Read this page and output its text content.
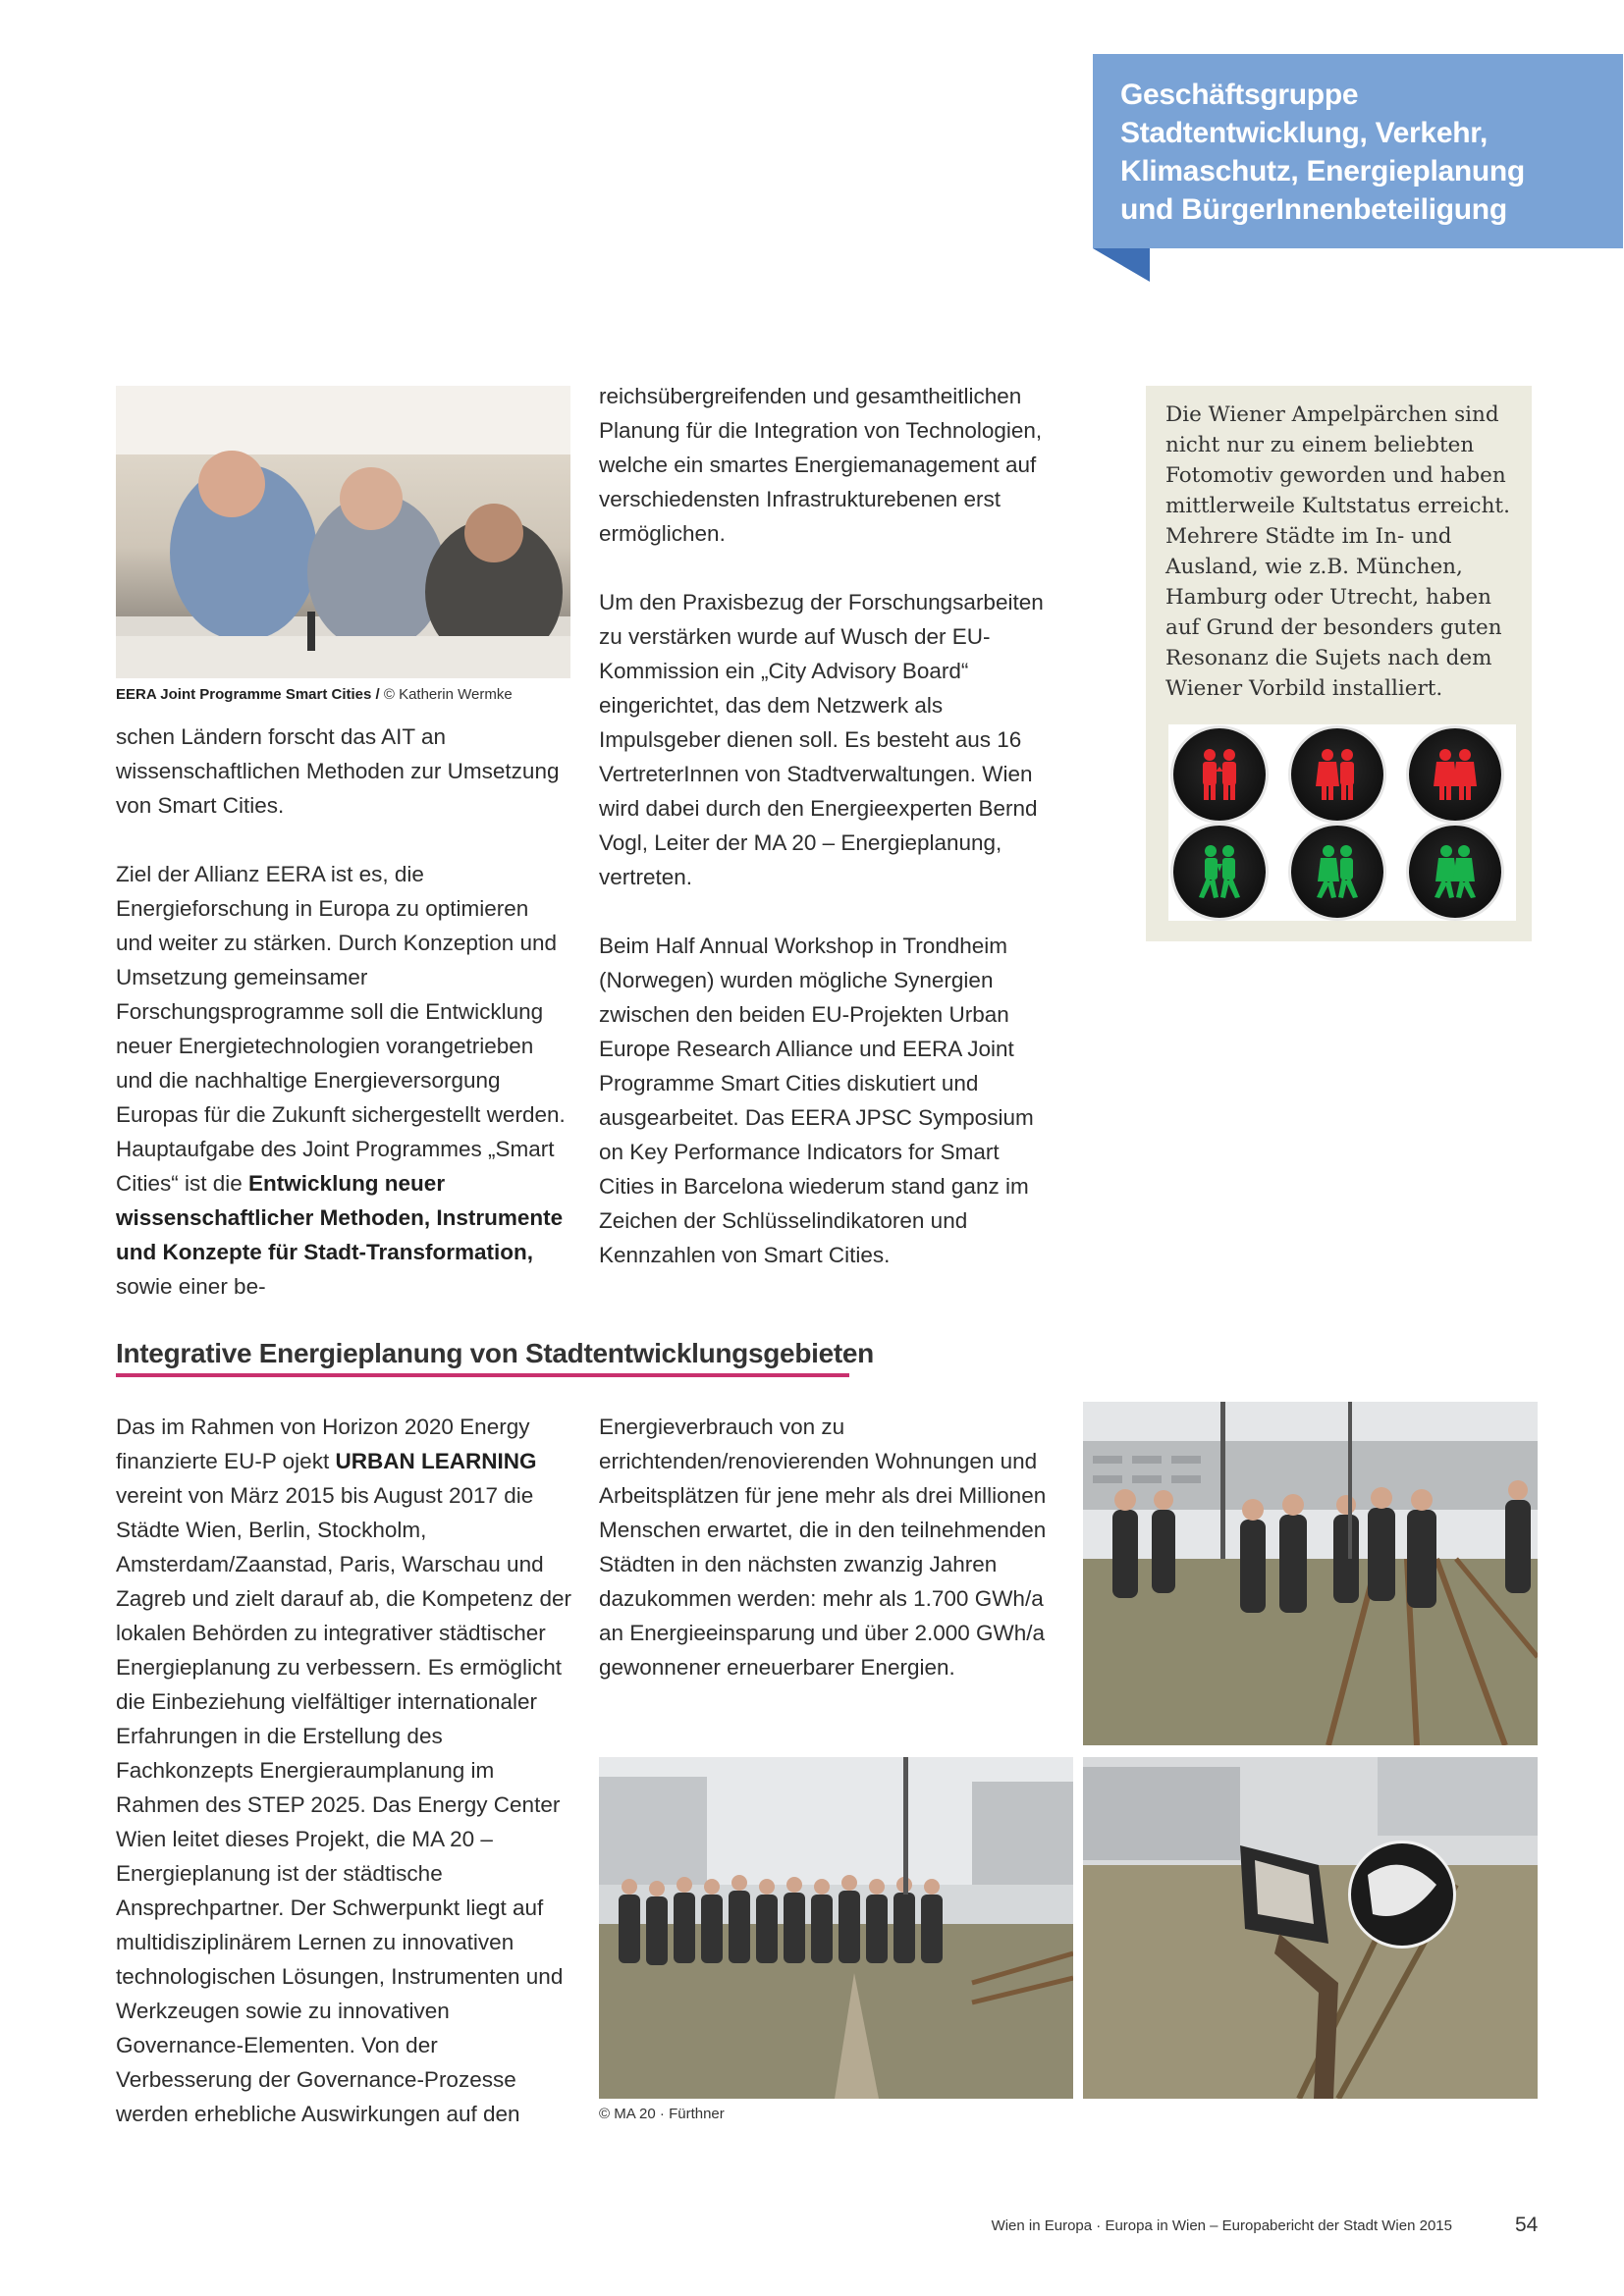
Geschäftsgruppe
Stadtentwicklung, Verkehr,
Klimaschutz, Energieplanung
und BürgerInnenbeteiligung
EERA Joint Programme Smart Cities / © Katherin Wermke

schen Ländern forscht das AIT an wissenschaftlichen Methoden zur Umsetzung von Smart Cities.

Ziel der Allianz EERA ist es, die Energieforschung in Europa zu optimieren und weiter zu stärken. Durch Konzeption und Umsetzung gemeinsamer Forschungsprogramme soll die Entwicklung neuer Energietechnologien vorangetrieben und die nachhaltige Energieversorgung Europas für die Zukunft sichergestellt werden. Hauptaufgabe des Joint Programmes „Smart Cities“ ist die Entwicklung neuer wissenschaftlicher Methoden, Instrumente und Konzepte für Stadt-Transformation, sowie einer be-

reichsübergreifenden und gesamtheitlichen Planung für die Integration von Technologien, welche ein smartes Energiemanagement auf verschiedensten Infrastrukturebenen erst ermöglichen.

Um den Praxisbezug der Forschungsarbeiten zu verstärken wurde auf Wusch der EU-Kommission ein „City Advisory Board“ eingerichtet, das dem Netzwerk als Impulsgeber dienen soll. Es besteht aus 16 VertreterInnen von Stadtverwaltungen. Wien wird dabei durch den Energieexperten Bernd Vogl, Leiter der MA 20 – Energieplanung, vertreten.

Beim Half Annual Workshop in Trondheim (Norwegen) wurden mögliche Synergien zwischen den beiden EU-Projekten Urban Europe Research Alliance und EERA Joint Programme Smart Cities diskutiert und ausgearbeitet. Das EERA JPSC Symposium on Key Performance Indicators for Smart Cities in Barcelona wiederum stand ganz im Zeichen der Schlüsselindikatoren und Kennzahlen von Smart Cities.

Die Wiener Ampelpärchen sind nicht nur zu einem beliebten Fotomotiv geworden und haben mittlerweile Kultstatus erreicht. Mehrere Städte im In- und Ausland, wie z.B. München, Hamburg oder Utrecht, haben auf Grund der besonders guten Resonanz die Sujets nach dem Wiener Vorbild installiert.
Integrative Energieplanung von Stadtentwicklungsgebieten

Das im Rahmen von Horizon 2020 Energy finanzierte EU-P ojekt URBAN LEARNING vereint von März 2015 bis August 2017 die Städte Wien, Berlin, Stockholm, Amsterdam/Zaanstad, Paris, Warschau und Zagreb und zielt darauf ab, die Kompetenz der lokalen Behörden zu integrativer städtischer Energieplanung zu verbessern. Es ermöglicht die Einbeziehung vielfältiger internationaler Erfahrungen in die Erstellung des Fachkonzepts Energieraumplanung im Rahmen des STEP 2025. Das Energy Center Wien leitet dieses Projekt, die MA 20 – Energieplanung ist der städtische Ansprechpartner. Der Schwerpunkt liegt auf multidisziplinärem Lernen zu innovativen technologischen Lösungen, Instrumenten und Werkzeugen sowie zu innovativen Governance-Elementen. Von der Verbesserung der Governance-Prozesse werden erhebliche Auswirkungen auf den

Energieverbrauch von zu errichtenden/renovierenden Wohnungen und Arbeitsplätzen für jene mehr als drei Millionen Menschen erwartet, die in den teilnehmenden Städten in den nächsten zwanzig Jahren dazukommen werden: mehr als 1.700 GWh/a an Energieeinsparung und über 2.000 GWh/a gewonnener erneuerbarer Energien.

© MA 20 · Fürthner
Wien in Europa · Europa in Wien – Europabericht der Stadt Wien 2015	54
